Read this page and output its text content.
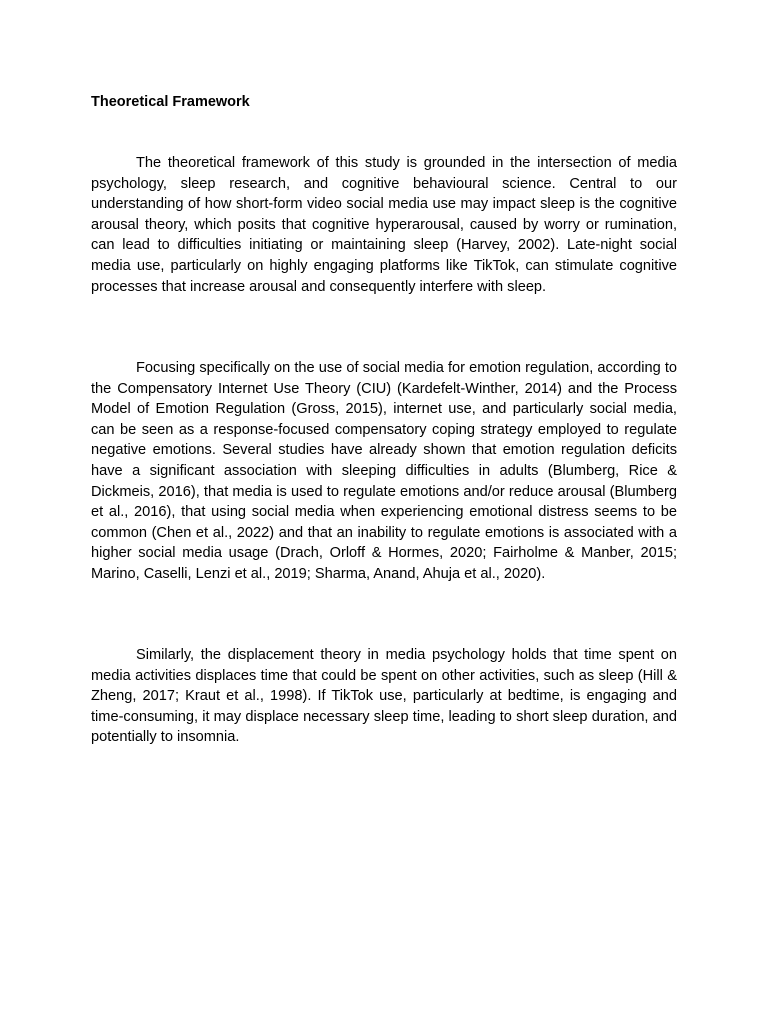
Theoretical Framework

The theoretical framework of this study is grounded in the intersection of media psychology, sleep research, and cognitive behavioural science. Central to our understanding of how short-form video social media use may impact sleep is the cognitive arousal theory, which posits that cognitive hyperarousal, caused by worry or rumination, can lead to difficulties initiating or maintaining sleep (Harvey, 2002). Late-night social media use, particularly on highly engaging platforms like TikTok, can stimulate cognitive processes that increase arousal and consequently interfere with sleep.

Focusing specifically on the use of social media for emotion regulation, according to the Compensatory Internet Use Theory (CIU) (Kardefelt-Winther, 2014) and the Process Model of Emotion Regulation (Gross, 2015), internet use, and particularly social media, can be seen as a response-focused compensatory coping strategy employed to regulate negative emotions. Several studies have already shown that emotion regulation deficits have a significant association with sleeping difficulties in adults (Blumberg, Rice & Dickmeis, 2016), that media is used to regulate emotions and/or reduce arousal (Blumberg et al., 2016), that using social media when experiencing emotional distress seems to be common (Chen et al., 2022) and that an inability to regulate emotions is associated with a higher social media usage (Drach, Orloff & Hormes, 2020; Fairholme & Manber, 2015; Marino, Caselli, Lenzi et al., 2019; Sharma, Anand, Ahuja et al., 2020).

Similarly, the displacement theory in media psychology holds that time spent on media activities displaces time that could be spent on other activities, such as sleep (Hill & Zheng, 2017; Kraut et al., 1998). If TikTok use, particularly at bedtime, is engaging and time-consuming, it may displace necessary sleep time, leading to short sleep duration, and potentially to insomnia.
